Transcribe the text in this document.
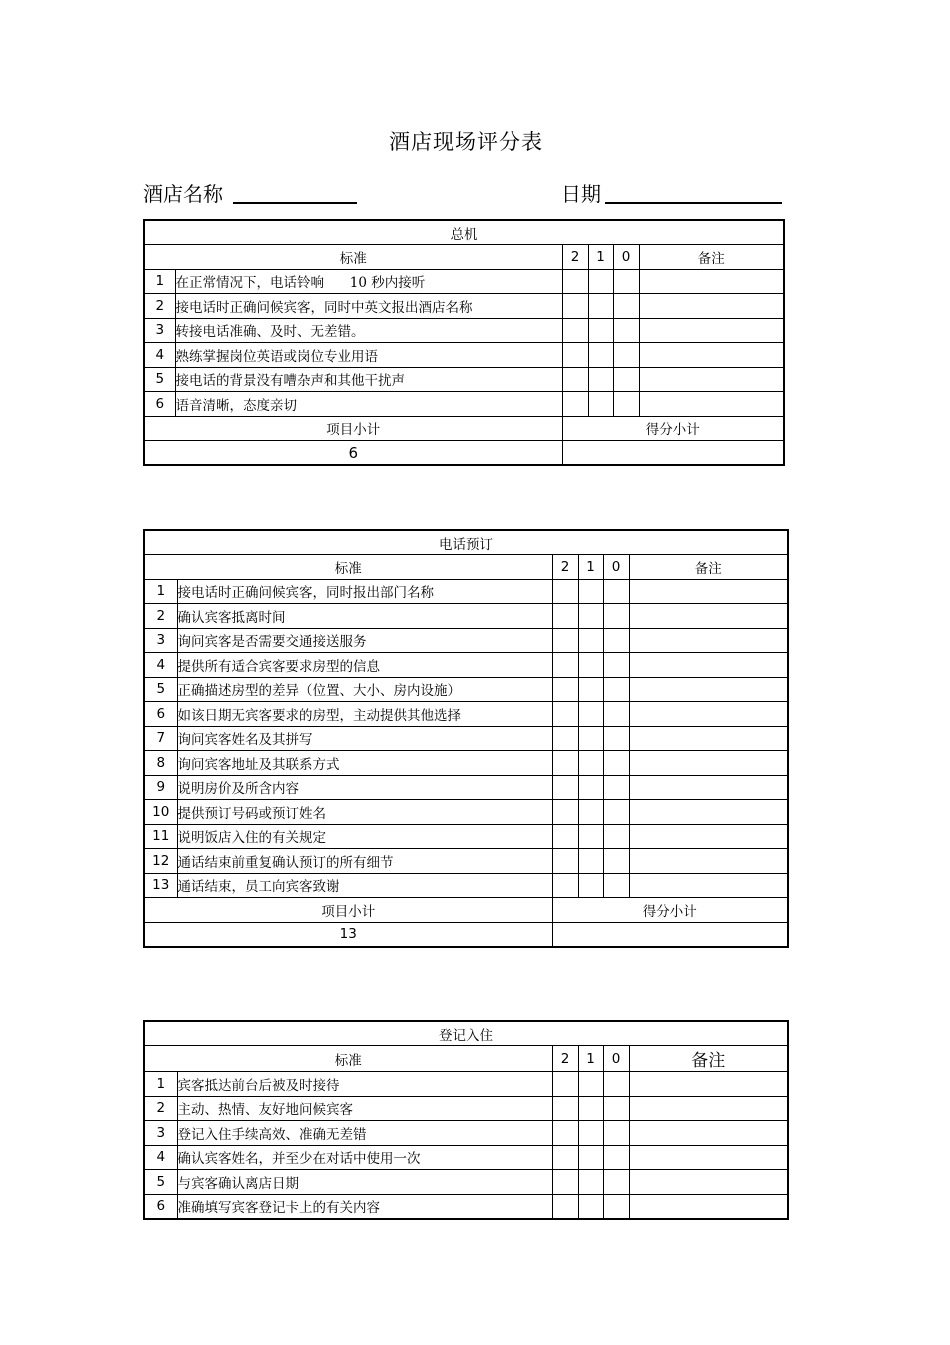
酒店现场评分表
酒店名称	日期
总机					
标准		2	1	0	备注
1	在正常情况下，电话铃响      10 秒内接听				
2	接电话时正确问候宾客，同时中英文报出酒店名称				
3	转接电话准确、及时、无差错。				
4	熟练掌握岗位英语或岗位专业用语				
5	接电话的背景没有嘈杂声和其他干扰声				
6	语音清晰，态度亲切				
项目小计		得分小计			
6					
电话预订					
标准		2	1	0	备注
1	接电话时正确问候宾客，同时报出部门名称				
2	确认宾客抵离时间				
3	询问宾客是否需要交通接送服务				
4	提供所有适合宾客要求房型的信息				
5	正确描述房型的差异（位置、大小、房内设施）				
6	如该日期无宾客要求的房型，主动提供其他选择				
7	询问宾客姓名及其拼写				
8	询问宾客地址及其联系方式				
9	说明房价及所含内容				
10	提供预订号码或预订姓名				
11	说明饭店入住的有关规定				
12	通话结束前重复确认预订的所有细节				
13	通话结束，员工向宾客致谢				
项目小计		得分小计			
13					
登记入住					
标准		2	1	0	备注
1	宾客抵达前台后被及时接待				
2	主动、热情、友好地问候宾客				
3	登记入住手续高效、准确无差错				
4	确认宾客姓名，并至少在对话中使用一次				
5	与宾客确认离店日期				
6	准确填写宾客登记卡上的有关内容				
